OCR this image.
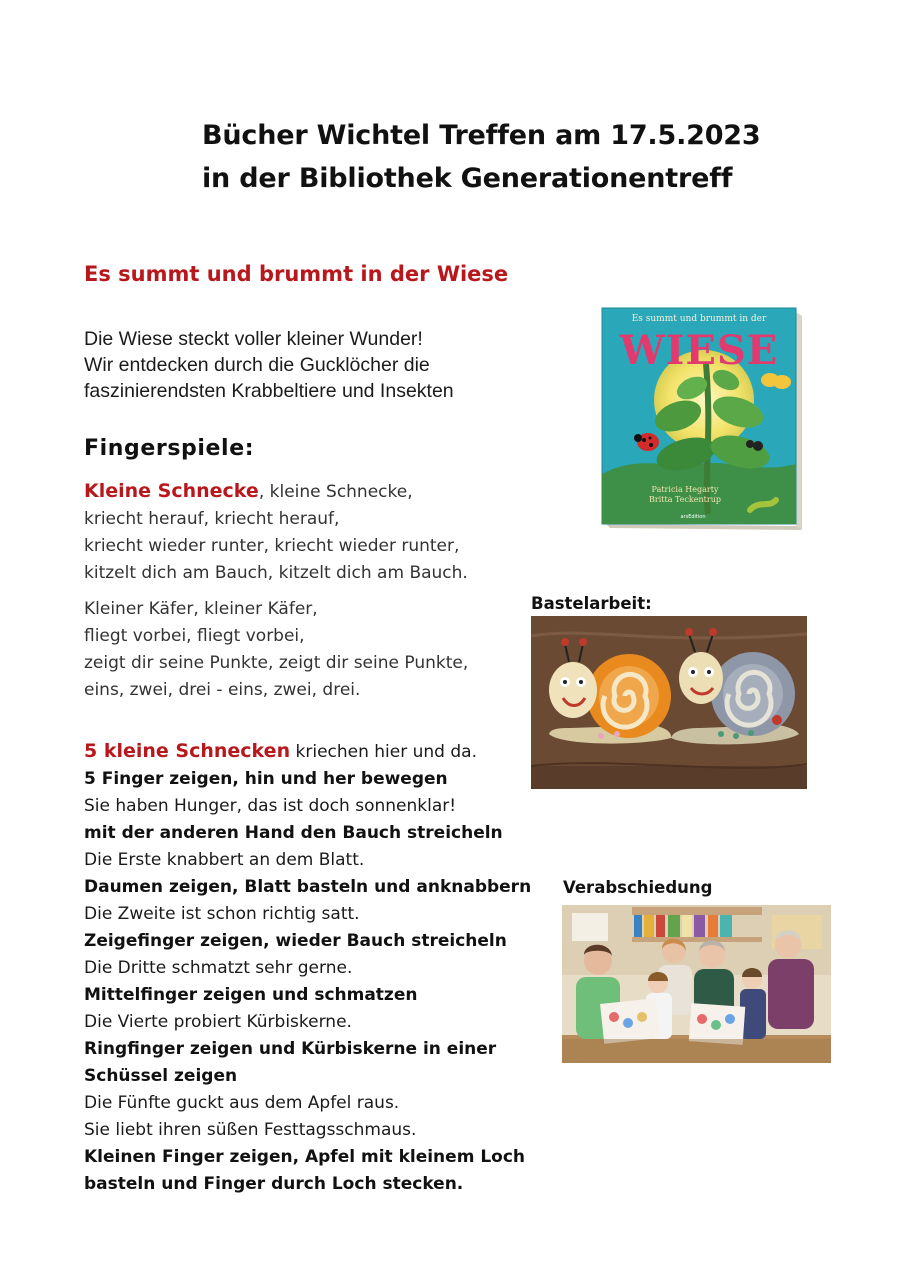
Bücher Wichtel Treffen am 17.5.2023
in der Bibliothek Generationentreff
Es summt und brummt in der Wiese
Die Wiese steckt voller kleiner Wunder!
Wir entdecken durch die Gucklöcher die
faszinierendsten Krabbeltiere und Insekten
Fingerspiele:
Kleine Schnecke, kleine Schnecke,
kriecht herauf, kriecht herauf,
kriecht wieder runter, kriecht wieder runter,
kitzelt dich am Bauch, kitzelt dich am Bauch.
Kleiner Käfer, kleiner Käfer,
fliegt vorbei, fliegt vorbei,
zeigt dir seine Punkte, zeigt dir seine Punkte,
eins, zwei, drei - eins, zwei, drei.
5 kleine Schnecken kriechen hier und da.
5 Finger zeigen, hin und her bewegen
Sie haben Hunger, das ist doch sonnenklar!
mit der anderen Hand den Bauch streicheln
Die Erste knabbert an dem Blatt.
Daumen zeigen, Blatt basteln und anknabbern
Die Zweite ist schon richtig satt.
Zeigefinger zeigen, wieder Bauch streicheln
Die Dritte schmatzt sehr gerne.
Mittelfinger zeigen und schmatzen
Die Vierte probiert Kürbiskerne.
Ringfinger zeigen und Kürbiskerne in einer
Schüssel zeigen
Die Fünfte guckt aus dem Apfel raus.
Sie liebt ihren süßen Festtagsschmaus.
Kleinen Finger zeigen, Apfel mit kleinem Loch
basteln und Finger durch Loch stecken.
Es summt und brummt in der
WIESE
Patricia Hegarty
Britta Teckentrup
arsEdition
Bastelarbeit:
Verabschiedung
